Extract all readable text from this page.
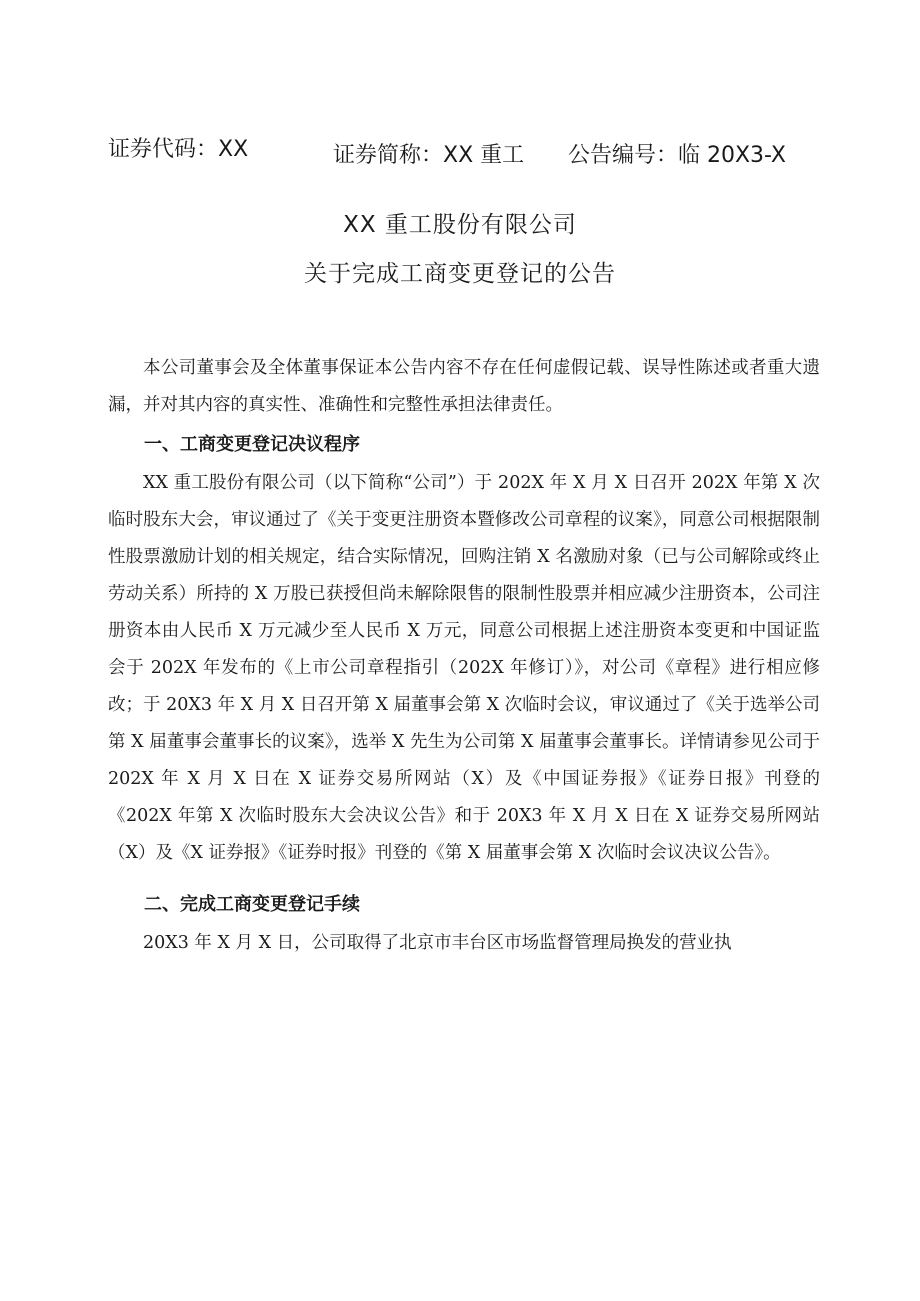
证券代码：XX	证券简称：XX 重工 公告编号：临 20X3-X
XX 重工股份有限公司
关于完成工商变更登记的公告

本公司董事会及全体董事保证本公告内容不存在任何虚假记载、误导性陈述或者重大遗漏，并对其内容的真实性、准确性和完整性承担法律责任。

一、工商变更登记决议程序

XX 重工股份有限公司（以下简称“公司”）于 202X 年 X 月 X 日召开 202X 年第 X 次临时股东大会，审议通过了《关于变更注册资本暨修改公司章程的议案》，同意公司根据限制性股票激励计划的相关规定，结合实际情况，回购注销 X 名激励对象（已与公司解除或终止劳动关系）所持的 X 万股已获授但尚未解除限售的限制性股票并相应减少注册资本，公司注册资本由人民币 X 万元减少至人民币 X 万元，同意公司根据上述注册资本变更和中国证监会于 202X 年发布的《上市公司章程指引（202X 年修订）》，对公司《章程》进行相应修改；于 20X3 年 X 月 X 日召开第 X 届董事会第 X 次临时会议，审议通过了《关于选举公司第 X 届董事会董事长的议案》，选举 X 先生为公司第 X 届董事会董事长。详情请参见公司于 202X 年 X 月 X 日在 X 证券交易所网站（X）及《中国证券报》《证券日报》刊登的《202X 年第 X 次临时股东大会决议公告》和于 20X3 年 X 月 X 日在 X 证券交易所网站（X）及《X 证券报》《证券时报》刊登的《第 X 届董事会第 X 次临时会议决议公告》。

二、完成工商变更登记手续

20X3 年 X 月 X 日，公司取得了北京市丰台区市场监督管理局换发的营业执
